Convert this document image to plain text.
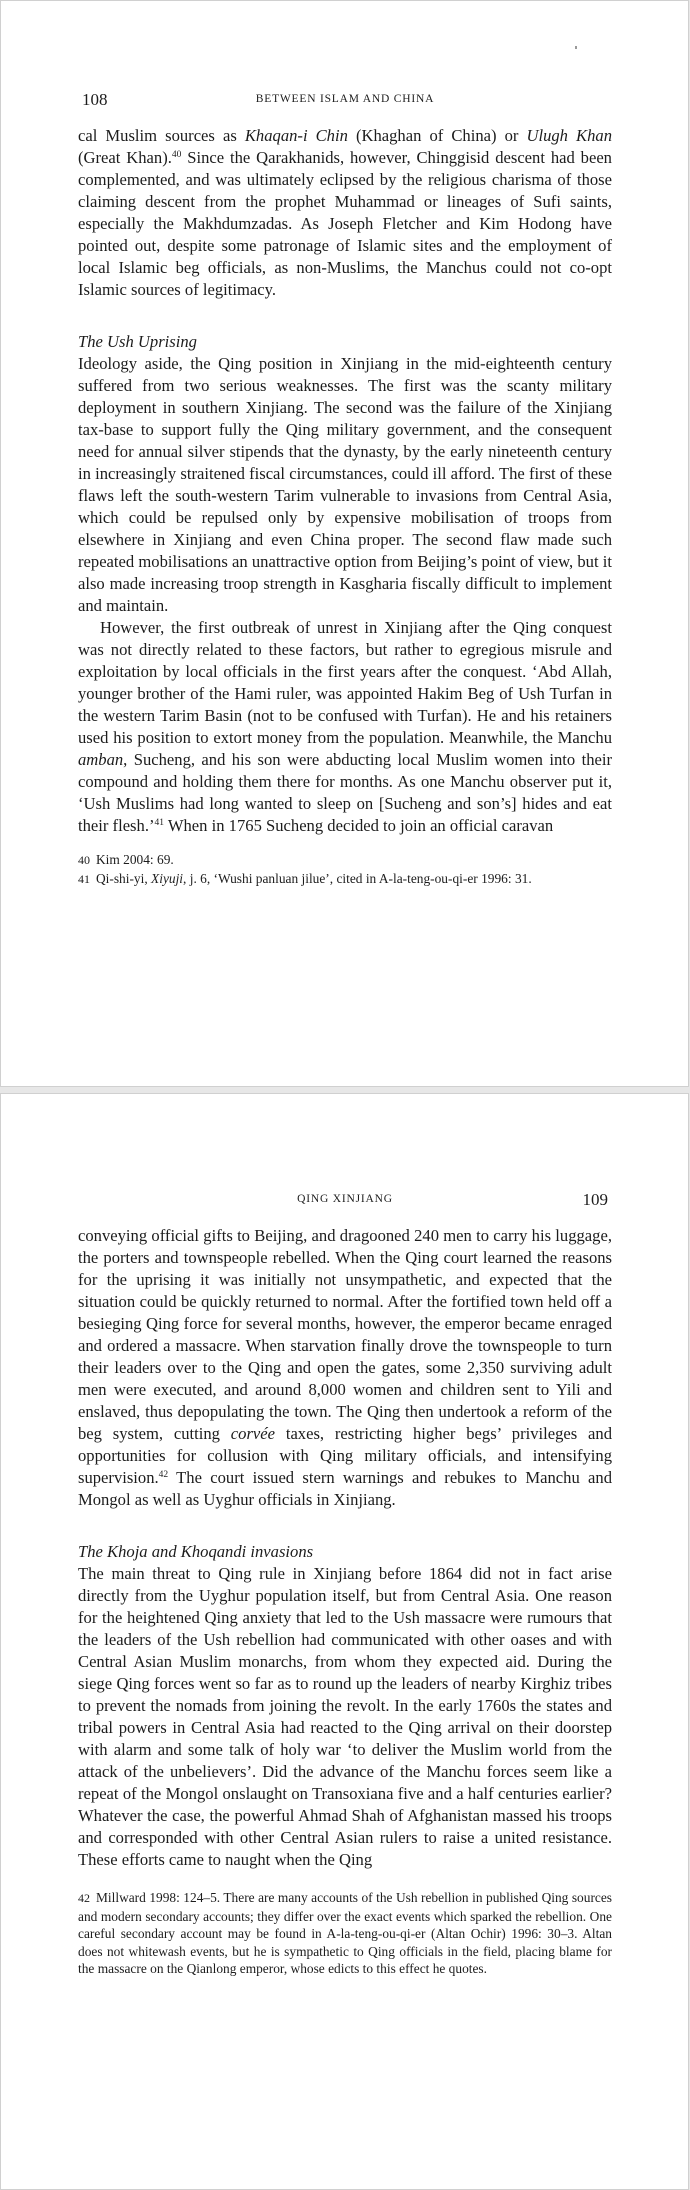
108	BETWEEN ISLAM AND CHINA

cal Muslim sources as Khaqan-i Chin (Khaghan of China) or Ulugh Khan (Great Khan).$^{40}$ Since the Qarakhanids, however, Chinggisid descent had been complemented, and was ultimately eclipsed by the religious charisma of those claiming descent from the prophet Muhammad or lineages of Sufi saints, especially the Makhdumzadas. As Joseph Fletcher and Kim Hodong have pointed out, despite some patronage of Islamic sites and the employment of local Islamic beg officials, as non-Muslims, the Manchus could not co-opt Islamic sources of legitimacy.

The Ush Uprising

Ideology aside, the Qing position in Xinjiang in the mid-eighteenth century suffered from two serious weaknesses. The first was the scanty military deployment in southern Xinjiang. The second was the failure of the Xinjiang tax-base to support fully the Qing military government, and the consequent need for annual silver stipends that the dynasty, by the early nineteenth century in increasingly straitened fiscal circumstances, could ill afford. The first of these flaws left the south-western Tarim vulnerable to invasions from Central Asia, which could be repulsed only by expensive mobilisation of troops from elsewhere in Xinjiang and even China proper. The second flaw made such repeated mobilisations an unattractive option from Beijing’s point of view, but it also made increasing troop strength in Kasgharia fiscally difficult to implement and maintain.

However, the first outbreak of unrest in Xinjiang after the Qing conquest was not directly related to these factors, but rather to egregious misrule and exploitation by local officials in the first years after the conquest. ‘Abd Allah, younger brother of the Hami ruler, was appointed Hakim Beg of Ush Turfan in the western Tarim Basin (not to be confused with Turfan). He and his retainers used his position to extort money from the population. Meanwhile, the Manchu amban, Sucheng, and his son were abducting local Muslim women into their compound and holding them there for months. As one Manchu observer put it, ‘Ush Muslims had long wanted to sleep on [Sucheng and son’s] hides and eat their flesh.’$^{41}$ When in 1765 Sucheng decided to join an official caravan

40 Kim 2004: 69.

41 Qi-shi-yi, Xiyuji, j. 6, ‘Wushi panluan jilue’, cited in A-la-teng-ou-qi-er 1996: 31.

QING XINJIANG	109

conveying official gifts to Beijing, and dragooned 240 men to carry his luggage, the porters and townspeople rebelled. When the Qing court learned the reasons for the uprising it was initially not unsympathetic, and expected that the situation could be quickly returned to normal. After the fortified town held off a besieging Qing force for several months, however, the emperor became enraged and ordered a massacre. When starvation finally drove the townspeople to turn their leaders over to the Qing and open the gates, some 2,350 surviving adult men were executed, and around 8,000 women and children sent to Yili and enslaved, thus depopulating the town. The Qing then undertook a reform of the beg system, cutting corvée taxes, restricting higher begs’ privileges and opportunities for collusion with Qing military officials, and intensifying supervision.$^{42}$ The court issued stern warnings and rebukes to Manchu and Mongol as well as Uyghur officials in Xinjiang.

The Khoja and Khoqandi invasions

The main threat to Qing rule in Xinjiang before 1864 did not in fact arise directly from the Uyghur population itself, but from Central Asia. One reason for the heightened Qing anxiety that led to the Ush massacre were rumours that the leaders of the Ush rebellion had communicated with other oases and with Central Asian Muslim monarchs, from whom they expected aid. During the siege Qing forces went so far as to round up the leaders of nearby Kirghiz tribes to prevent the nomads from joining the revolt. In the early 1760s the states and tribal powers in Central Asia had reacted to the Qing arrival on their doorstep with alarm and some talk of holy war ‘to deliver the Muslim world from the attack of the unbelievers’. Did the advance of the Manchu forces seem like a repeat of the Mongol onslaught on Transoxiana five and a half centuries earlier? Whatever the case, the powerful Ahmad Shah of Afghanistan massed his troops and corresponded with other Central Asian rulers to raise a united resistance. These efforts came to naught when the Qing

42 Millward 1998: 124–5. There are many accounts of the Ush rebellion in published Qing sources and modern secondary accounts; they differ over the exact events which sparked the rebellion. One careful secondary account may be found in A-la-teng-ou-qi-er (Altan Ochir) 1996: 30–3. Altan does not whitewash events, but he is sympathetic to Qing officials in the field, placing blame for the massacre on the Qianlong emperor, whose edicts to this effect he quotes.
